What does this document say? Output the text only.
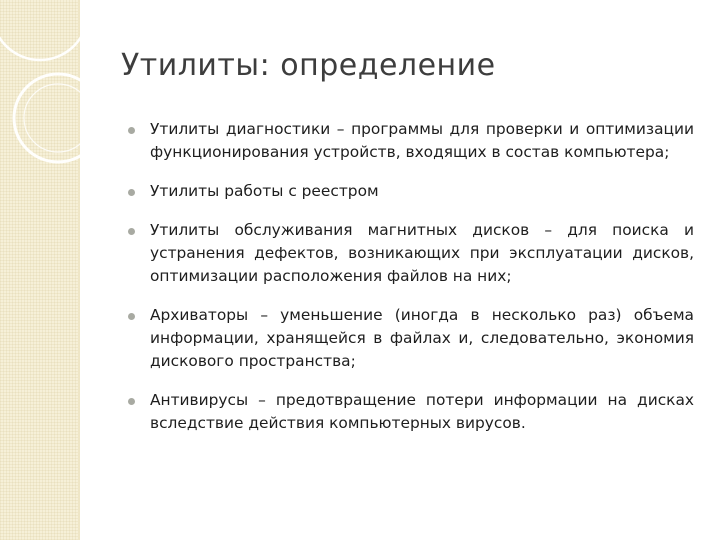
Утилиты: определение
Утилиты диагностики – программы для проверки и оптимизации функционирования устройств, входящих в состав компьютера;
Утилиты работы с реестром
Утилиты обслуживания магнитных дисков – для поиска и устранения дефектов, возникающих при эксплуатации дисков, оптимизации расположения файлов на них;
Архиваторы – уменьшение (иногда в несколько раз) объема информации, хранящейся в файлах и, следовательно, экономия дискового пространства;
Антивирусы – предотвращение потери информации на дисках вследствие действия компьютерных вирусов.
